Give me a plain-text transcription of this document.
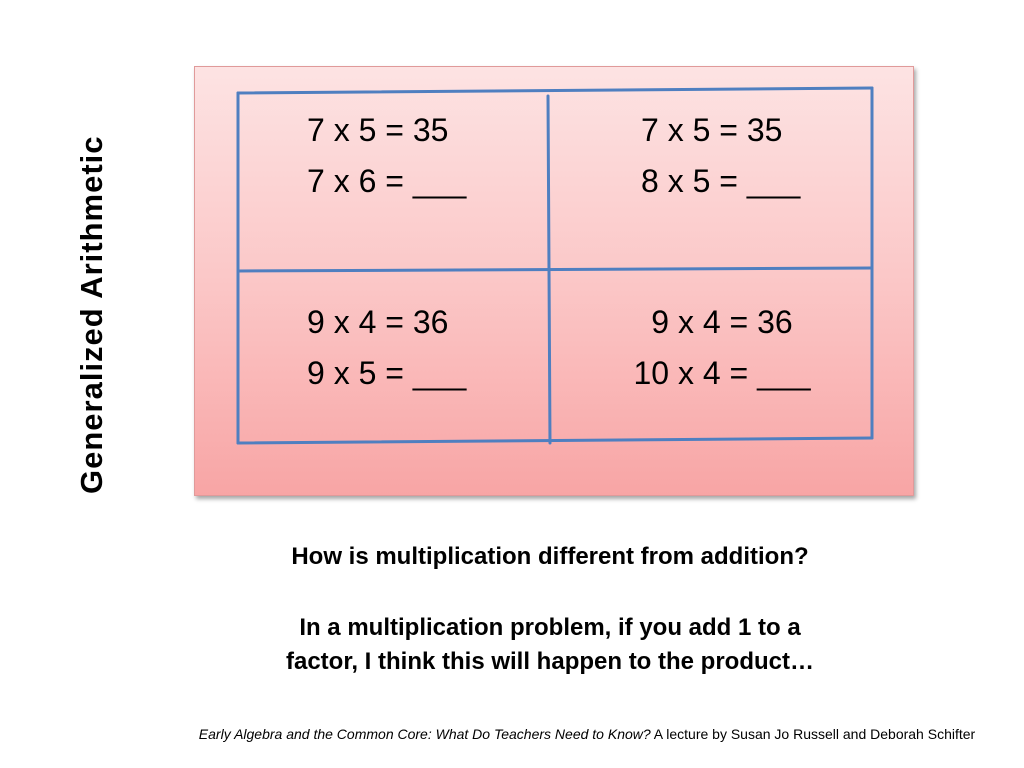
Generalized Arithmetic
7 x 5 = 35
7 x 6 = ___
7 x 5 = 35
8 x 5 = ___
9 x 4 = 36
9 x 5 = ___
9 x 4 = 36
10 x 4 = ___
How is multiplication different from addition?
In a multiplication problem, if you add 1 to a
factor, I think this will happen to the product…
Early Algebra and the Common Core: What Do Teachers Need to Know? A lecture by Susan Jo Russell and Deborah Schifter
